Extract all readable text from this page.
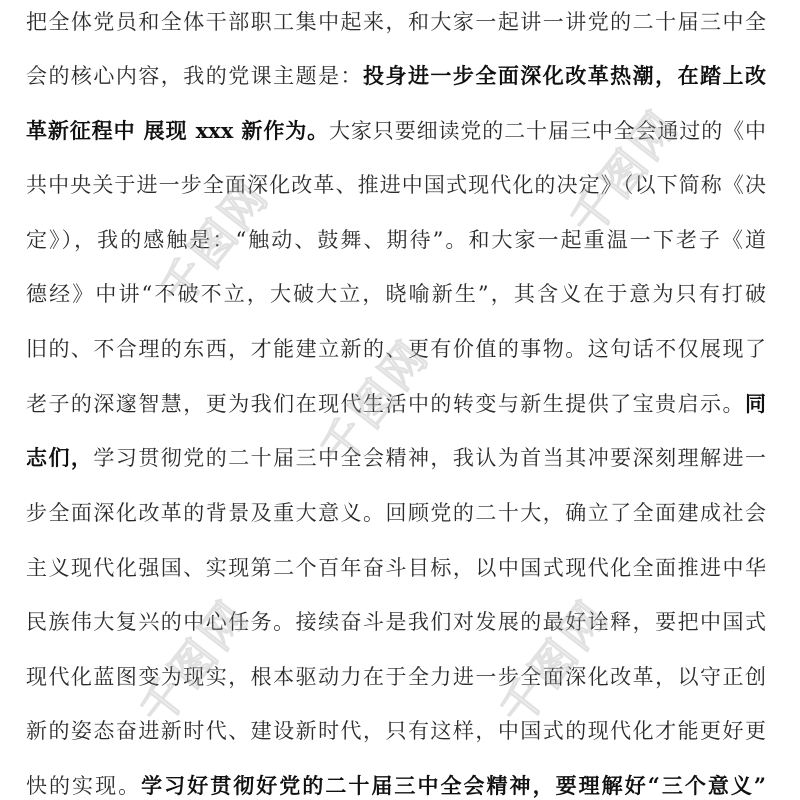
把全体党员和全体干部职工集中起来，和大家一起讲一讲党的二十届三中全
会的核心内容，我的党课主题是：投身进一步全面深化改革热潮，在踏上改
革新征程中 展现 xxx 新作为。大家只要细读党的二十届三中全会通过的《中
共中央关于进一步全面深化改革、推进中国式现代化的决定》（以下简称《决
定》），我的感触是：“触动、鼓舞、期待”。和大家一起重温一下老子《道
德经》中讲“不破不立，大破大立，晓喻新生”，其含义在于意为只有打破
旧的、不合理的东西，才能建立新的、更有价值的事物。这句话不仅展现了
老子的深邃智慧，更为我们在现代生活中的转变与新生提供了宝贵启示。同
志们，学习贯彻党的二十届三中全会精神，我认为首当其冲要深刻理解进一
步全面深化改革的背景及重大意义。回顾党的二十大，确立了全面建成社会
主义现代化强国、实现第二个百年奋斗目标，以中国式现代化全面推进中华
民族伟大复兴的中心任务。接续奋斗是我们对发展的最好诠释，要把中国式
现代化蓝图变为现实，根本驱动力在于全力进一步全面深化改革，以守正创
新的姿态奋进新时代、建设新时代，只有这样，中国式的现代化才能更好更
快的实现。学习好贯彻好党的二十届三中全会精神，要理解好“三个意义”
千图网
千图网
千图网	千图网
千图网
